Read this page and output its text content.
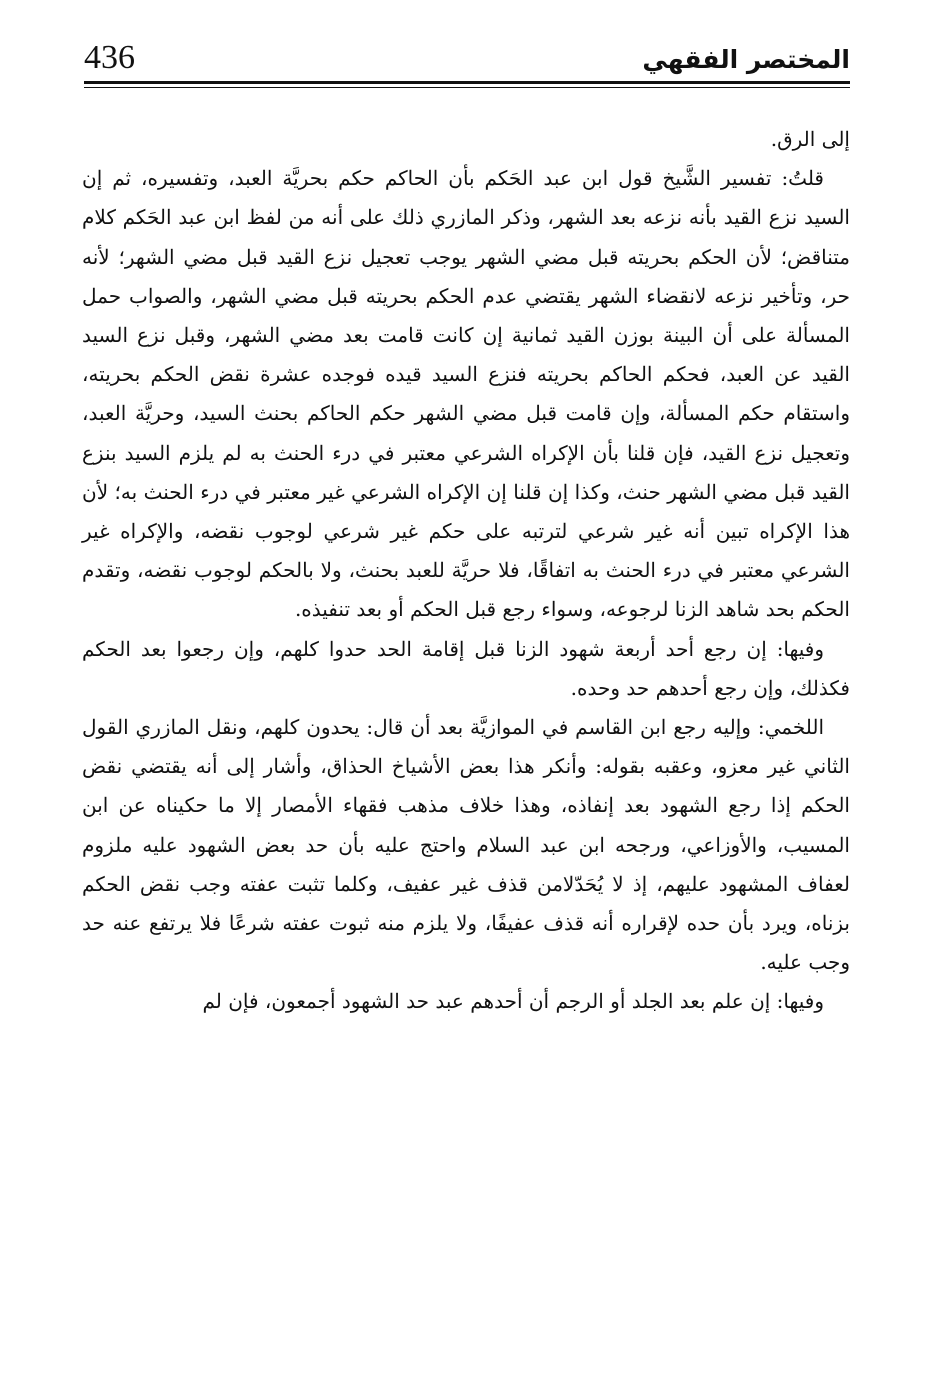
436	المختصر الفقهي

إلى الرق.

قلتُ: تفسير الشَّيخ قول ابن عبد الحَكم بأن الحاكم حكم بحريَّة العبد، وتفسيره، ثم إن السيد نزع القيد بأنه نزعه بعد الشهر، وذكر المازري ذلك على أنه من لفظ ابن عبد الحَكم كلام متناقض؛ لأن الحكم بحريته قبل مضي الشهر يوجب تعجيل نزع القيد قبل مضي الشهر؛ لأنه حر، وتأخير نزعه لانقضاء الشهر يقتضي عدم الحكم بحريته قبل مضي الشهر، والصواب حمل المسألة على أن البينة بوزن القيد ثمانية إن كانت قامت بعد مضي الشهر، وقبل نزع السيد القيد عن العبد، فحكم الحاكم بحريته فنزع السيد قيده فوجده عشرة نقض الحكم بحريته، واستقام حكم المسألة، وإن قامت قبل مضي الشهر حكم الحاكم بحنث السيد، وحريَّة العبد، وتعجيل نزع القيد، فإن قلنا بأن الإكراه الشرعي معتبر في درء الحنث به لم يلزم السيد بنزع القيد قبل مضي الشهر حنث، وكذا إن قلنا إن الإكراه الشرعي غير معتبر في درء الحنث به؛ لأن هذا الإكراه تبين أنه غير شرعي لترتبه على حكم غير شرعي لوجوب نقضه، والإكراه غير الشرعي معتبر في درء الحنث به اتفاقًا، فلا حريَّة للعبد بحنث، ولا بالحكم لوجوب نقضه، وتقدم الحكم بحد شاهد الزنا لرجوعه، وسواء رجع قبل الحكم أو بعد تنفيذه.

وفيها: إن رجع أحد أربعة شهود الزنا قبل إقامة الحد حدوا كلهم، وإن رجعوا بعد الحكم فكذلك، وإن رجع أحدهم حد وحده.

اللخمي: وإليه رجع ابن القاسم في الموازيَّة بعد أن قال: يحدون كلهم، ونقل المازري القول الثاني غير معزو، وعقبه بقوله: وأنكر هذا بعض الأشياخ الحذاق، وأشار إلى أنه يقتضي نقض الحكم إذا رجع الشهود بعد إنفاذه، وهذا خلاف مذهب فقهاء الأمصار إلا ما حكيناه عن ابن المسيب، والأوزاعي، ورجحه ابن عبد السلام واحتج عليه بأن حد بعض الشهود عليه ملزوم لعفاف المشهود عليهم، إذ لا يُحَدّلامن قذف غير عفيف، وكلما تثبت عفته وجب نقض الحكم بزناه، ويرد بأن حده لإقراره أنه قذف عفيفًا، ولا يلزم منه ثبوت عفته شرعًا فلا يرتفع عنه حد وجب عليه.

وفيها: إن علم بعد الجلد أو الرجم أن أحدهم عبد حد الشهود أجمعون، فإن لم
